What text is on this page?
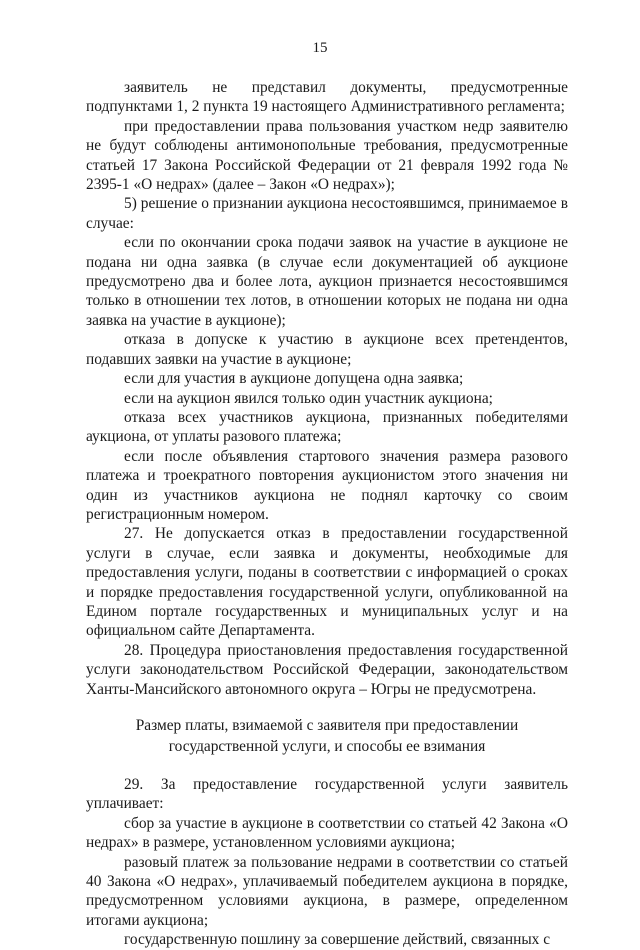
15

заявитель не представил документы, предусмотренные подпунктами 1, 2 пункта 19 настоящего Административного регламента;

при предоставлении права пользования участком недр заявителю не будут соблюдены антимонопольные требования, предусмотренные статьей 17 Закона Российской Федерации от 21 февраля 1992 года № 2395-1 «О недрах» (далее – Закон «О недрах»);

5) решение о признании аукциона несостоявшимся, принимаемое в случае:

если по окончании срока подачи заявок на участие в аукционе не подана ни одна заявка (в случае если документацией об аукционе предусмотрено два и более лота, аукцион признается несостоявшимся только в отношении тех лотов, в отношении которых не подана ни одна заявка на участие в аукционе);

отказа в допуске к участию в аукционе всех претендентов, подавших заявки на участие в аукционе;

если для участия в аукционе допущена одна заявка;

если на аукцион явился только один участник аукциона;

отказа всех участников аукциона, признанных победителями аукциона, от уплаты разового платежа;

если после объявления стартового значения размера разового платежа и троекратного повторения аукционистом этого значения ни один из участников аукциона не поднял карточку со своим регистрационным номером.

27. Не допускается отказ в предоставлении государственной услуги в случае, если заявка и документы, необходимые для предоставления услуги, поданы в соответствии с информацией о сроках и порядке предоставления государственной услуги, опубликованной на Едином портале государственных и муниципальных услуг и на официальном сайте Департамента.

28. Процедура приостановления предоставления государственной услуги законодательством Российской Федерации, законодательством Ханты-Мансийского автономного округа – Югры не предусмотрена.

Размер платы, взимаемой с заявителя при предоставлении государственной услуги, и способы ее взимания

29. За предоставление государственной услуги заявитель уплачивает:

сбор за участие в аукционе в соответствии со статьей 42 Закона «О недрах» в размере, установленном условиями аукциона;

разовый платеж за пользование недрами в соответствии со статьей 40 Закона «О недрах», уплачиваемый победителем аукциона в порядке, предусмотренном условиями аукциона, в размере, определенном итогами аукциона;

государственную пошлину за совершение действий, связанных с
